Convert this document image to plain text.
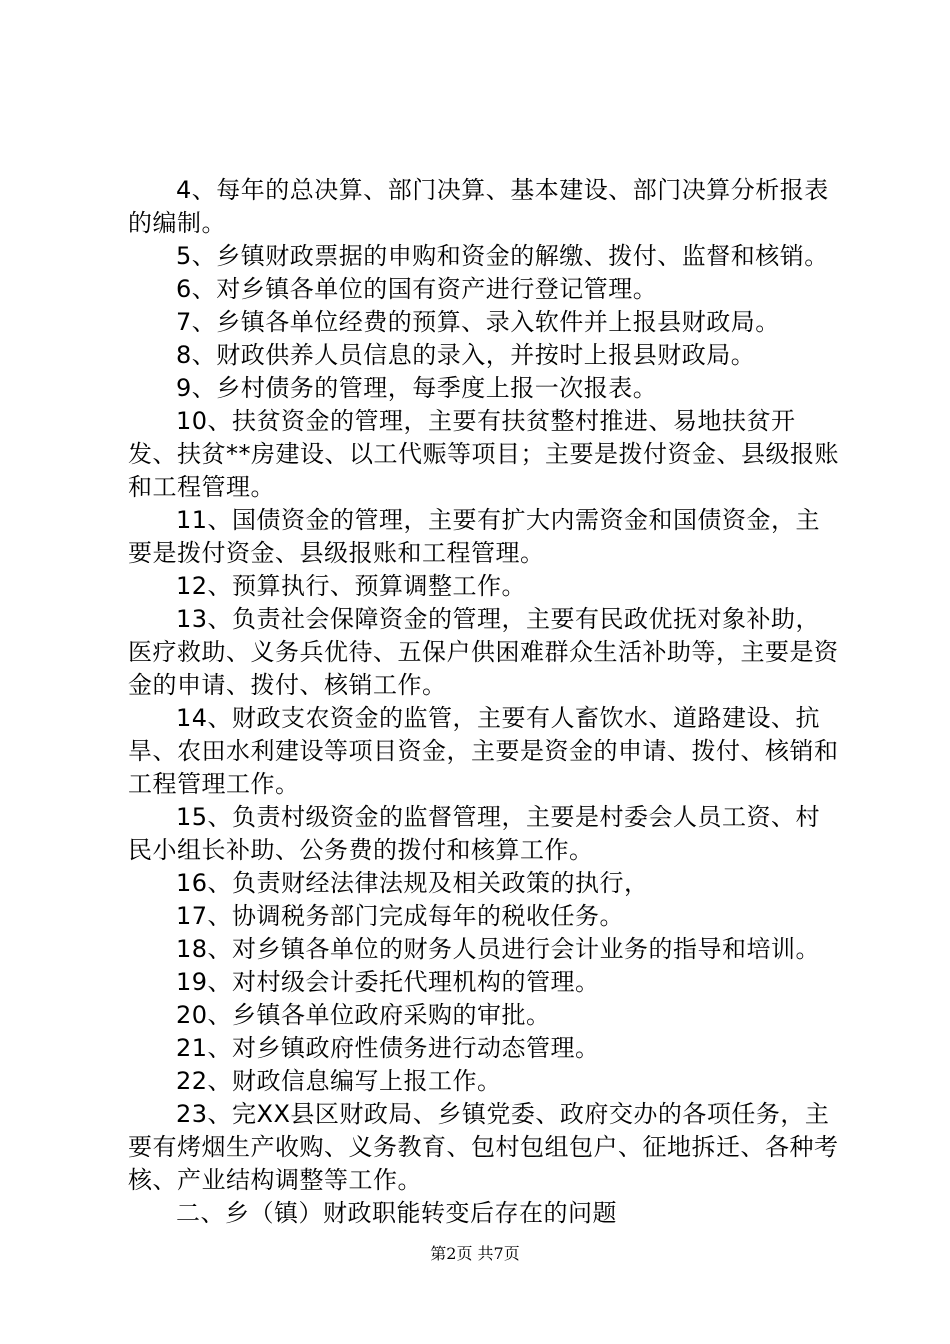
4、每年的总决算、部门决算、基本建设、部门决算分析报表的编制。

5、乡镇财政票据的申购和资金的解缴、拨付、监督和核销。

6、对乡镇各单位的国有资产进行登记管理。

7、乡镇各单位经费的预算、录入软件并上报县财政局。

8、财政供养人员信息的录入，并按时上报县财政局。

9、乡村债务的管理，每季度上报一次报表。

10、扶贫资金的管理，主要有扶贫整村推进、易地扶贫开发、扶贫**房建设、以工代赈等项目；主要是拨付资金、县级报账和工程管理。

11、国债资金的管理，主要有扩大内需资金和国债资金，主要是拨付资金、县级报账和工程管理。

12、预算执行、预算调整工作。

13、负责社会保障资金的管理，主要有民政优抚对象补助，医疗救助、义务兵优待、五保户供困难群众生活补助等，主要是资金的申请、拨付、核销工作。

14、财政支农资金的监管，主要有人畜饮水、道路建设、抗旱、农田水利建设等项目资金，主要是资金的申请、拨付、核销和工程管理工作。

15、负责村级资金的监督管理，主要是村委会人员工资、村民小组长补助、公务费的拨付和核算工作。

16、负责财经法律法规及相关政策的执行，

17、协调税务部门完成每年的税收任务。

18、对乡镇各单位的财务人员进行会计业务的指导和培训。

19、对村级会计委托代理机构的管理。

20、乡镇各单位政府采购的审批。

21、对乡镇政府性债务进行动态管理。

22、财政信息编写上报工作。

23、完XX县区财政局、乡镇党委、政府交办的各项任务，主要有烤烟生产收购、义务教育、包村包组包户、征地拆迁、各种考核、产业结构调整等工作。

二、乡（镇）财政职能转变后存在的问题

第2页 共7页
